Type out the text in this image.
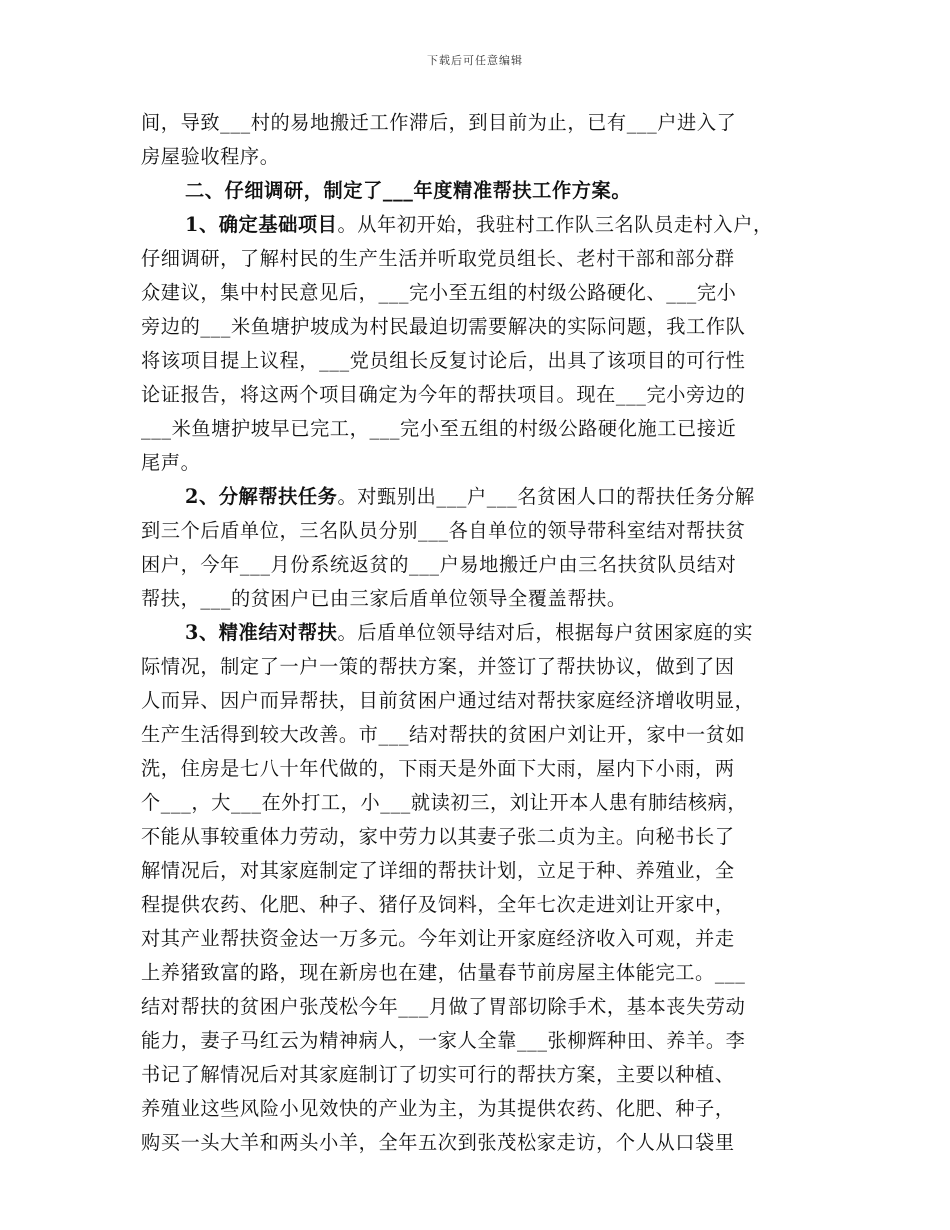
下载后可任意编辑
间，导致___村的易地搬迁工作滞后，到目前为止，已有___户进入了
房屋验收程序。
二、仔细调研，制定了___年度精准帮扶工作方案。
1、确定基础项目。从年初开始，我驻村工作队三名队员走村入户，
仔细调研，了解村民的生产生活并听取党员组长、老村干部和部分群
众建议，集中村民意见后，___完小至五组的村级公路硬化、___完小
旁边的___米鱼塘护坡成为村民最迫切需要解决的实际问题，我工作队
将该项目提上议程，___党员组长反复讨论后，出具了该项目的可行性
论证报告，将这两个项目确定为今年的帮扶项目。现在___完小旁边的
___米鱼塘护坡早已完工，___完小至五组的村级公路硬化施工已接近
尾声。
2、分解帮扶任务。对甄别出___户___名贫困人口的帮扶任务分解
到三个后盾单位，三名队员分别___各自单位的领导带科室结对帮扶贫
困户，今年___月份系统返贫的___户易地搬迁户由三名扶贫队员结对
帮扶，___的贫困户已由三家后盾单位领导全覆盖帮扶。
3、精准结对帮扶。后盾单位领导结对后，根据每户贫困家庭的实
际情况，制定了一户一策的帮扶方案，并签订了帮扶协议，做到了因
人而异、因户而异帮扶，目前贫困户通过结对帮扶家庭经济增收明显，
生产生活得到较大改善。市___结对帮扶的贫困户刘让开，家中一贫如
洗，住房是七八十年代做的，下雨天是外面下大雨，屋内下小雨，两
个___，大___在外打工，小___就读初三，刘让开本人患有肺结核病，
不能从事较重体力劳动，家中劳力以其妻子张二贞为主。向秘书长了
解情况后，对其家庭制定了详细的帮扶计划，立足于种、养殖业，全
程提供农药、化肥、种子、猪仔及饲料，全年七次走进刘让开家中，
对其产业帮扶资金达一万多元。今年刘让开家庭经济收入可观，并走
上养猪致富的路，现在新房也在建，估量春节前房屋主体能完工。___
结对帮扶的贫困户张茂松今年___月做了胃部切除手术，基本丧失劳动
能力，妻子马红云为精神病人，一家人全靠___张柳辉种田、养羊。李
书记了解情况后对其家庭制订了切实可行的帮扶方案，主要以种植、
养殖业这些风险小见效快的产业为主，为其提供农药、化肥、种子，
购买一头大羊和两头小羊，全年五次到张茂松家走访，个人从口袋里
